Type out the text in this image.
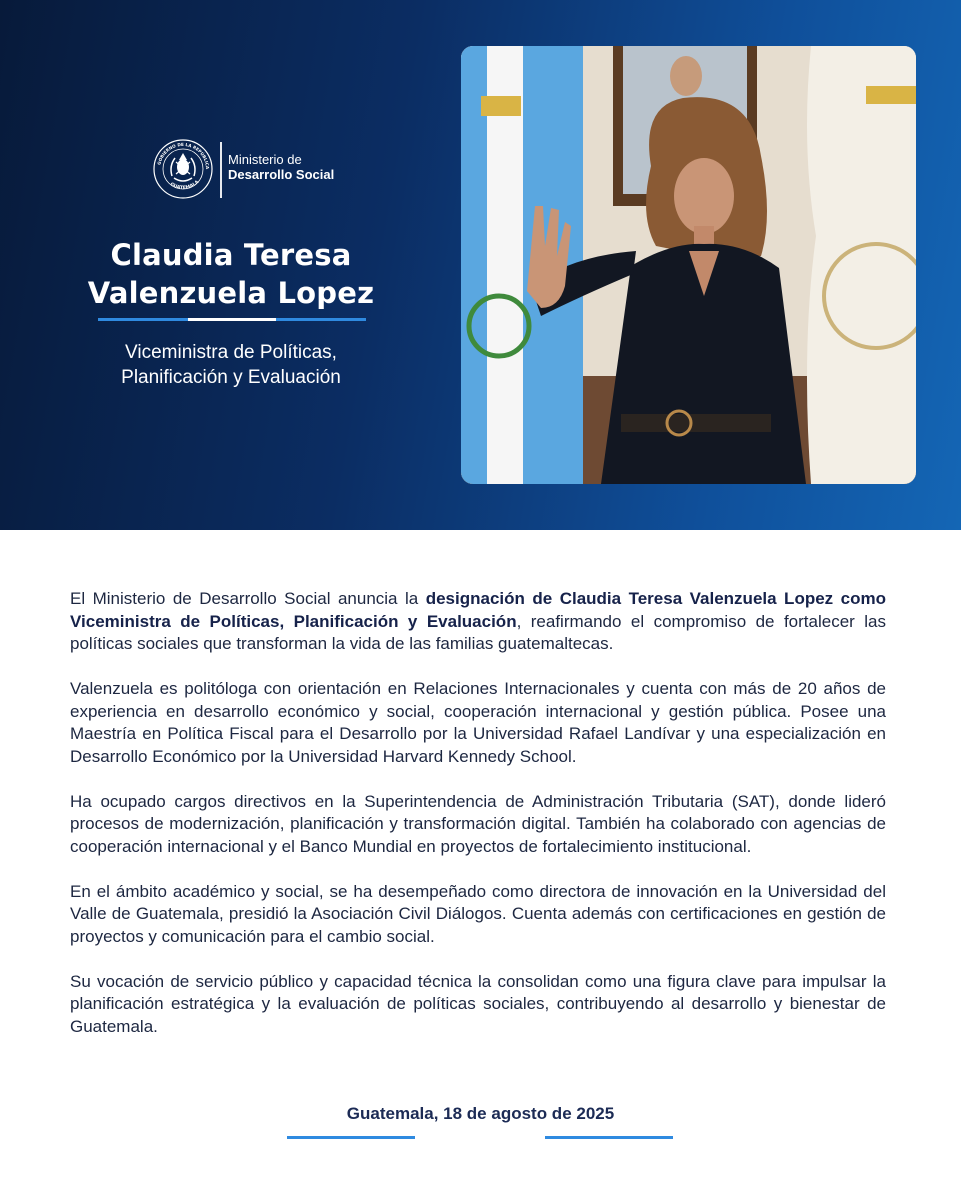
GOBIERNO DE LA REPÚBLICA
GUATEMALA
Ministerio de
Desarrollo Social
Claudia Teresa
Valenzuela Lopez
Viceministra de Políticas,
Planificación y Evaluación

El Ministerio de Desarrollo Social anuncia la designación de Claudia Teresa Valenzuela Lopez como Viceministra de Políticas, Planificación y Evaluación, reafirmando el compromiso de fortalecer las políticas sociales que transforman la vida de las familias guatemaltecas.

Valenzuela es politóloga con orientación en Relaciones Internacionales y cuenta con más de 20 años de experiencia en desarrollo económico y social, cooperación internacional y gestión pública. Posee una Maestría en Política Fiscal para el Desarrollo por la Universidad Rafael Landívar y una especialización en Desarrollo Económico por la Universidad Harvard Kennedy School.

Ha ocupado cargos directivos en la Superintendencia de Administración Tributaria (SAT), donde lideró procesos de modernización, planificación y transformación digital. También ha colaborado con agencias de cooperación internacional y el Banco Mundial en proyectos de fortalecimiento institucional.

En el ámbito académico y social, se ha desempeñado como directora de innovación en la Universidad del Valle de Guatemala, presidió la Asociación Civil Diálogos. Cuenta además con certificaciones en gestión de proyectos y comunicación para el cambio social.

Su vocación de servicio público y capacidad técnica la consolidan como una figura clave para impulsar la planificación estratégica y la evaluación de políticas sociales, contribuyendo al desarrollo y bienestar de Guatemala.

Guatemala, 18 de agosto de 2025
